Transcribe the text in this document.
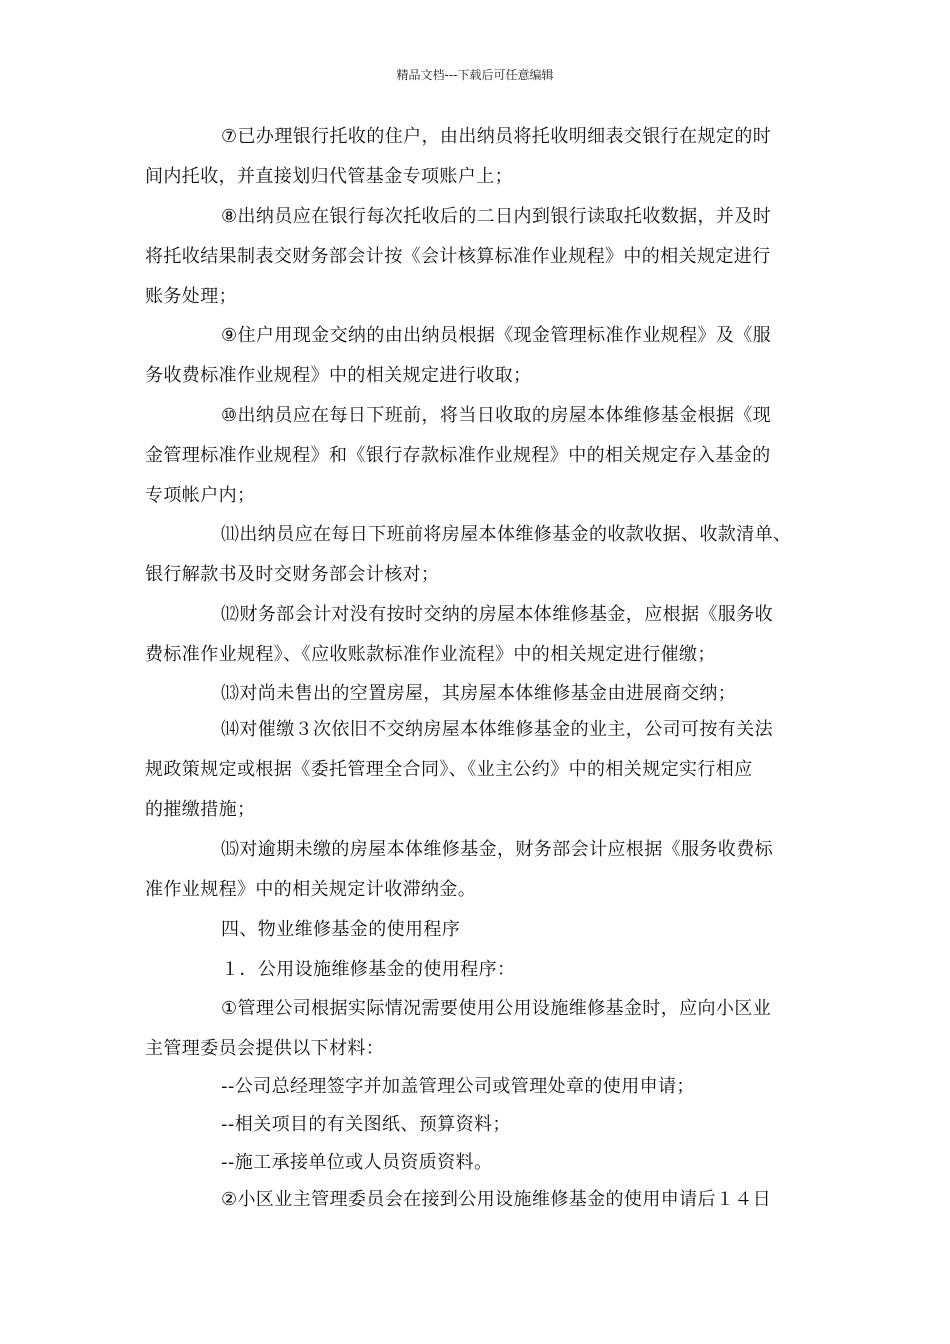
精品文档---下载后可任意编辑
⑦已办理银行托收的住户，由出纳员将托收明细表交银行在规定的时
间内托收，并直接划归代管基金专项账户上；
⑧出纳员应在银行每次托收后的二日内到银行读取托收数据，并及时
将托收结果制表交财务部会计按《会计核算标准作业规程》中的相关规定进行
账务处理；
⑨住户用现金交纳的由出纳员根据《现金管理标准作业规程》及《服
务收费标准作业规程》中的相关规定进行收取；
⑩出纳员应在每日下班前，将当日收取的房屋本体维修基金根据《现
金管理标准作业规程》和《银行存款标准作业规程》中的相关规定存入基金的
专项帐户内；
⑾出纳员应在每日下班前将房屋本体维修基金的收款收据、收款清单、
银行解款书及时交财务部会计核对；
⑿财务部会计对没有按时交纳的房屋本体维修基金，应根据《服务收
费标准作业规程》、《应收账款标准作业流程》中的相关规定进行催缴；
⒀对尚未售出的空置房屋，其房屋本体维修基金由进展商交纳；
⒁对催缴３次依旧不交纳房屋本体维修基金的业主，公司可按有关法
规政策规定或根据《委托管理全合同》、《业主公约》中的相关规定实行相应
的摧缴措施；
⒂对逾期未缴的房屋本体维修基金，财务部会计应根据《服务收费标
准作业规程》中的相关规定计收滞纳金。
四、物业维修基金的使用程序
１．公用设施维修基金的使用程序：
①管理公司根据实际情况需要使用公用设施维修基金时，应向小区业
主管理委员会提供以下材料：
--公司总经理签字并加盖管理公司或管理处章的使用申请；
--相关项目的有关图纸、预算资料；
--施工承接单位或人员资质资料。
②小区业主管理委员会在接到公用设施维修基金的使用申请后１４日
